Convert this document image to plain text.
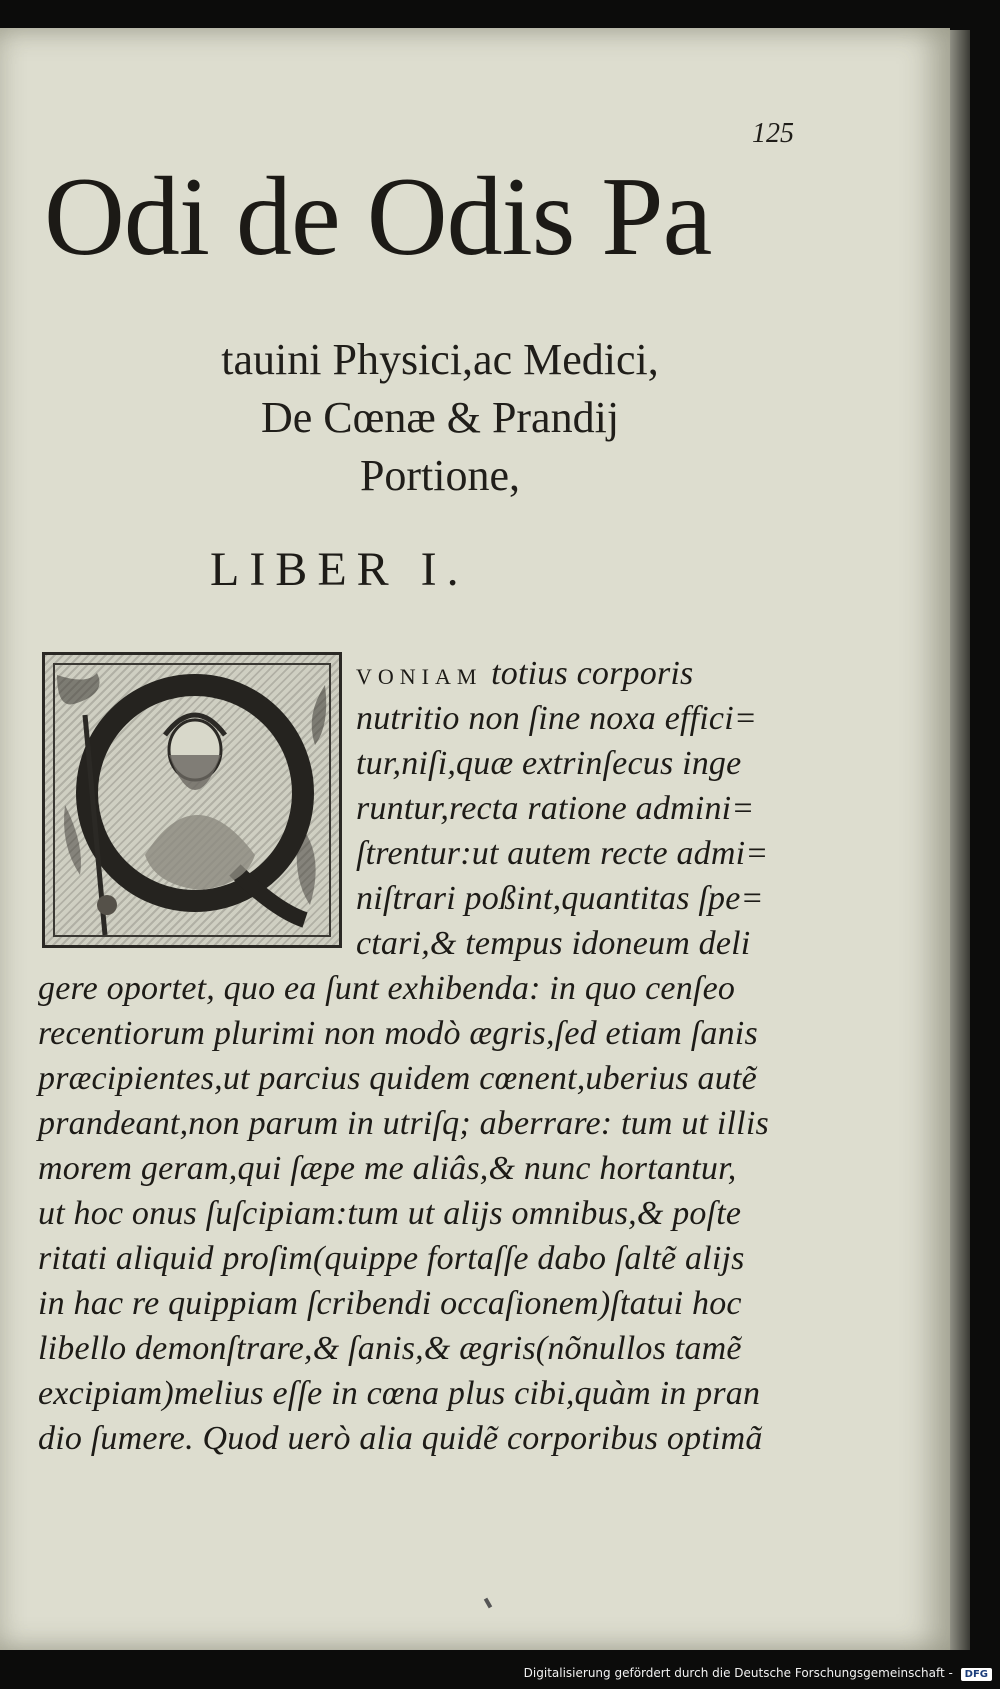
125
Odi de Odis Pa
tauini Physici,ac Medici,
De Cœnæ & Prandij
Portione,
LIBER I.
VONIAM totius corporis
nutritio non ſine noxa effici=
tur,niſi,quæ extrinſecus inge
runtur,recta ratione admini=
ſtrentur:ut autem recte admi=
niſtrari poßint,quantitas ſpe=
ctari,& tempus idoneum deli
gere oportet, quo ea ſunt exhibenda: in quo cenſeo
recentiorum plurimi non modò ægris,ſed etiam ſanis
præcipientes,ut parcius quidem cœnent,uberius autẽ
prandeant,non parum in utriſq; aberrare: tum ut illis
morem geram,qui ſæpe me aliâs,& nunc hortantur,
ut hoc onus ſuſcipiam:tum ut alijs omnibus,& poſte
ritati aliquid proſim(quippe fortaſſe dabo ſaltẽ alijs
in hac re quippiam ſcribendi occaſionem)ſtatui hoc
libello demonſtrare,& ſanis,& ægris(nõnullos tamẽ
excipiam)melius eſſe in cœna plus cibi,quàm in pran
dio ſumere. Quod uerò alia quidẽ corporibus optimã
Digitalisierung gefördert durch die Deutsche Forschungsgemeinschaft - DFG
